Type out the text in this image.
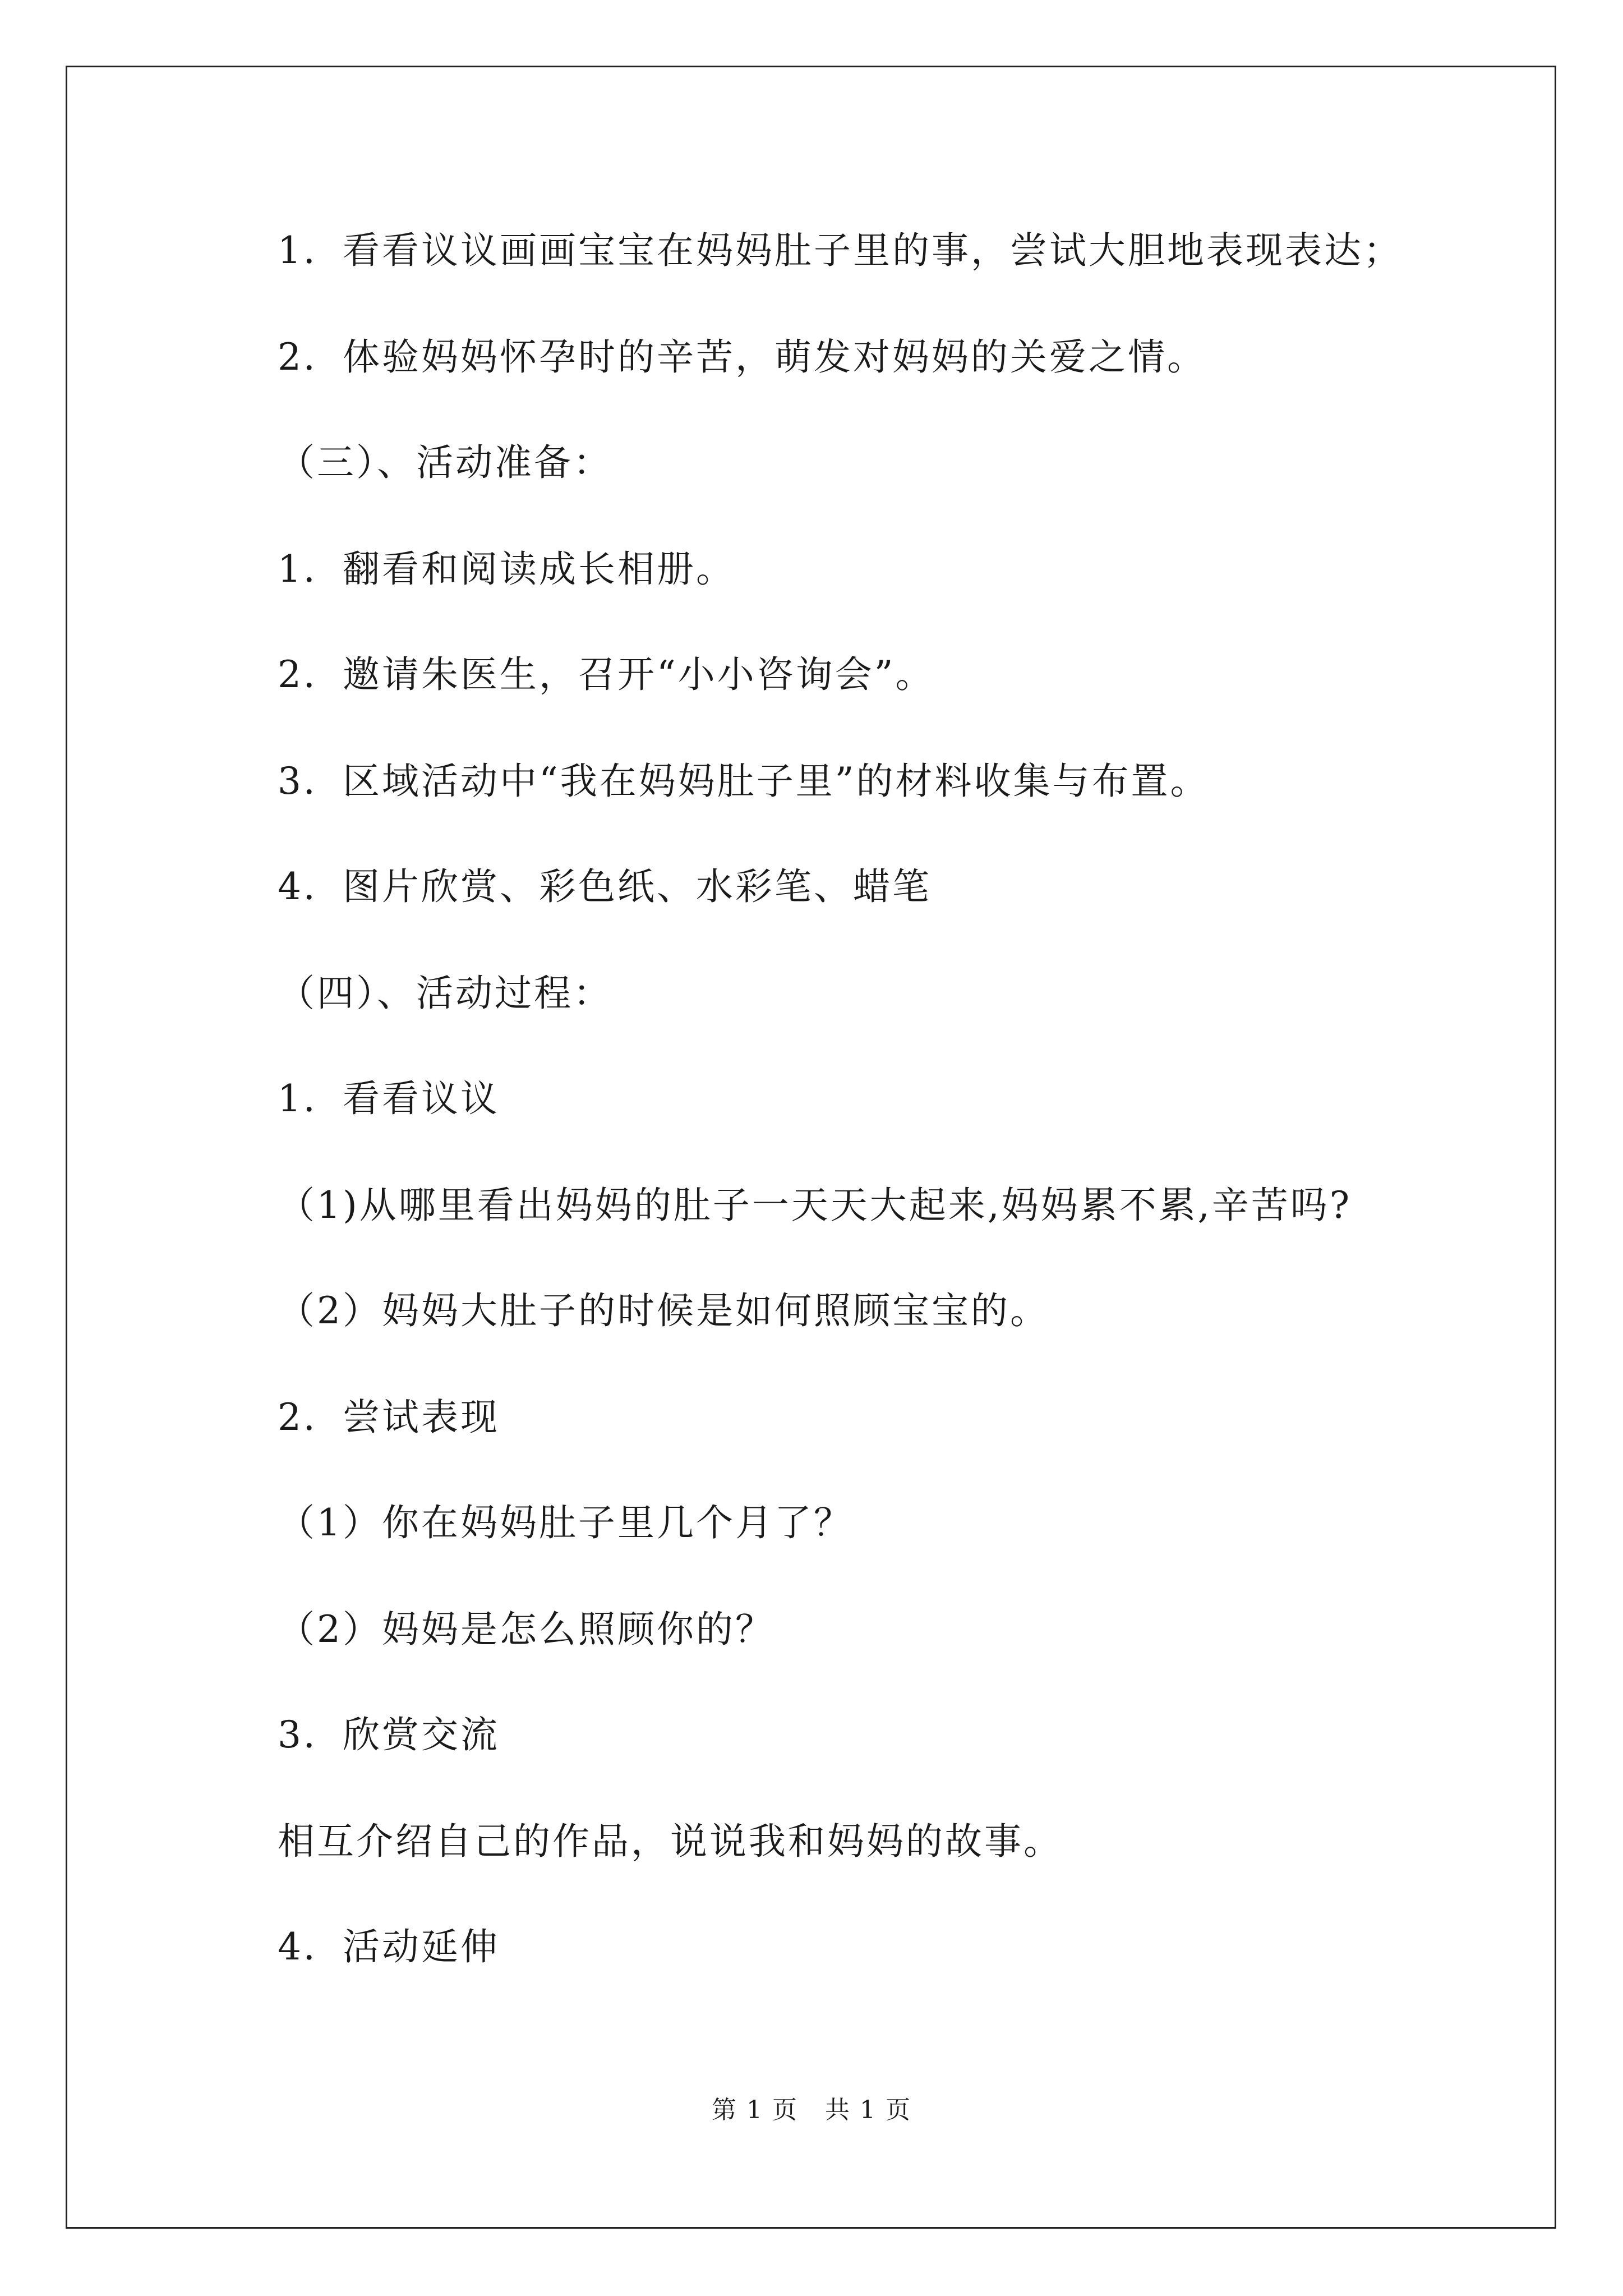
1．看看议议画画宝宝在妈妈肚子里的事，尝试大胆地表现表达；
2．体验妈妈怀孕时的辛苦，萌发对妈妈的关爱之情。
（三）、活动准备：
1．翻看和阅读成长相册。
2．邀请朱医生，召开“小小咨询会”。
3．区域活动中“我在妈妈肚子里”的材料收集与布置。
4．图片欣赏、彩色纸、水彩笔、蜡笔
（四）、活动过程：
1．看看议议
（1)从哪里看出妈妈的肚子一天天大起来,妈妈累不累,辛苦吗?
（2）妈妈大肚子的时候是如何照顾宝宝的。
2．尝试表现
（1）你在妈妈肚子里几个月了？
（2）妈妈是怎么照顾你的？
3．欣赏交流
相互介绍自己的作品，说说我和妈妈的故事。
4．活动延伸
第 1 页   共 1 页
